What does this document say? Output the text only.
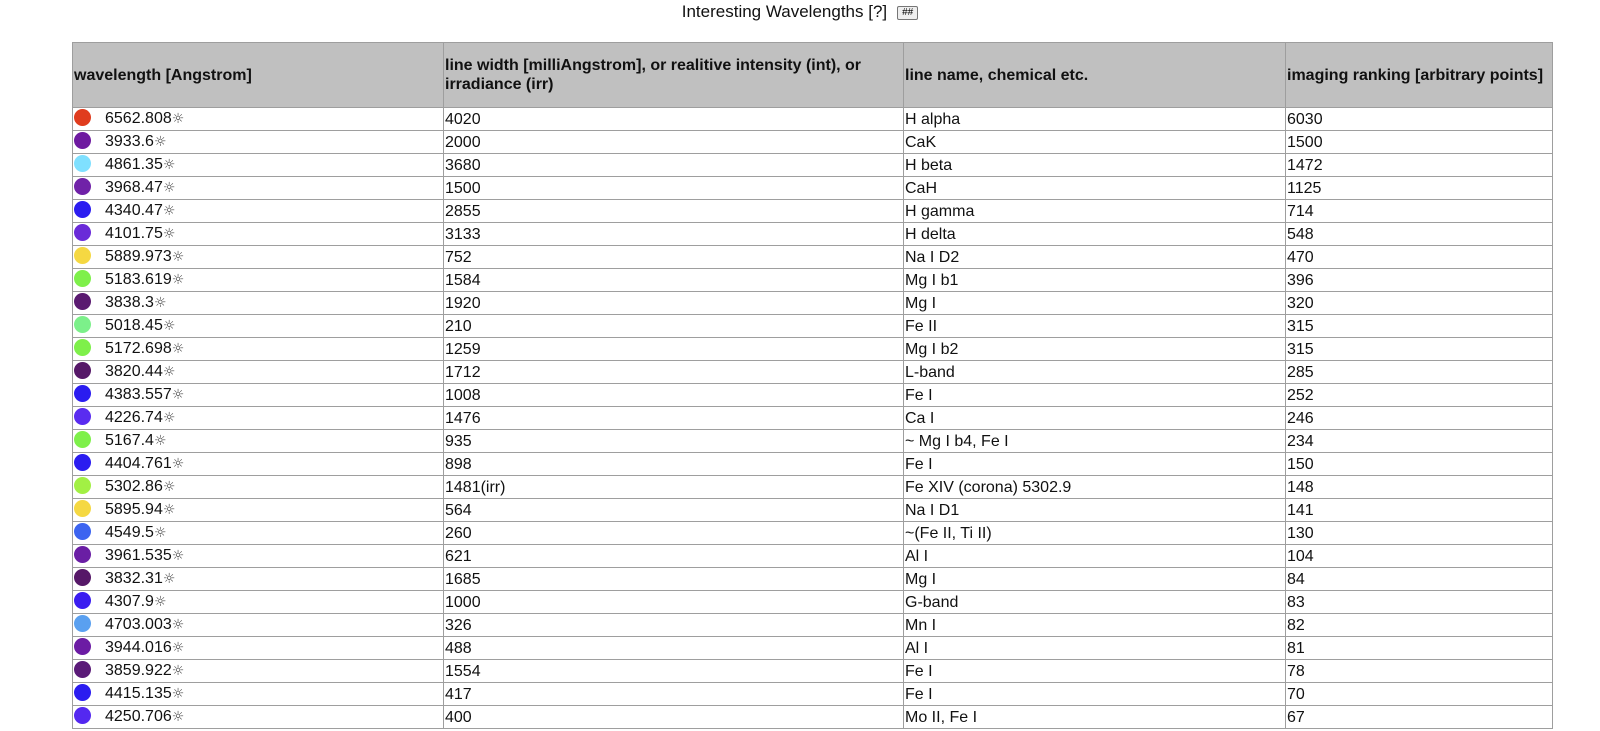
Interesting Wavelengths [?] ##
wavelength [Angstrom]	line width [milliAngstrom], or realitive intensity (int), or irradiance (irr)	line name, chemical etc.	imaging ranking [arbitrary points]
6562.808☼	4020	H alpha	6030
3933.6☼	2000	CaK	1500
4861.35☼	3680	H beta	1472
3968.47☼	1500	CaH	1125
4340.47☼	2855	H gamma	714
4101.75☼	3133	H delta	548
5889.973☼	752	Na I D2	470
5183.619☼	1584	Mg I b1	396
3838.3☼	1920	Mg I	320
5018.45☼	210	Fe II	315
5172.698☼	1259	Mg I b2	315
3820.44☼	1712	L-band	285
4383.557☼	1008	Fe I	252
4226.74☼	1476	Ca I	246
5167.4☼	935	~ Mg I b4, Fe I	234
4404.761☼	898	Fe I	150
5302.86☼	1481(irr)	Fe XIV (corona) 5302.9	148
5895.94☼	564	Na I D1	141
4549.5☼	260	~(Fe II, Ti II)	130
3961.535☼	621	Al I	104
3832.31☼	1685	Mg I	84
4307.9☼	1000	G-band	83
4703.003☼	326	Mn I	82
3944.016☼	488	Al I	81
3859.922☼	1554	Fe I	78
4415.135☼	417	Fe I	70
4250.706☼	400	Mo II, Fe I	67
